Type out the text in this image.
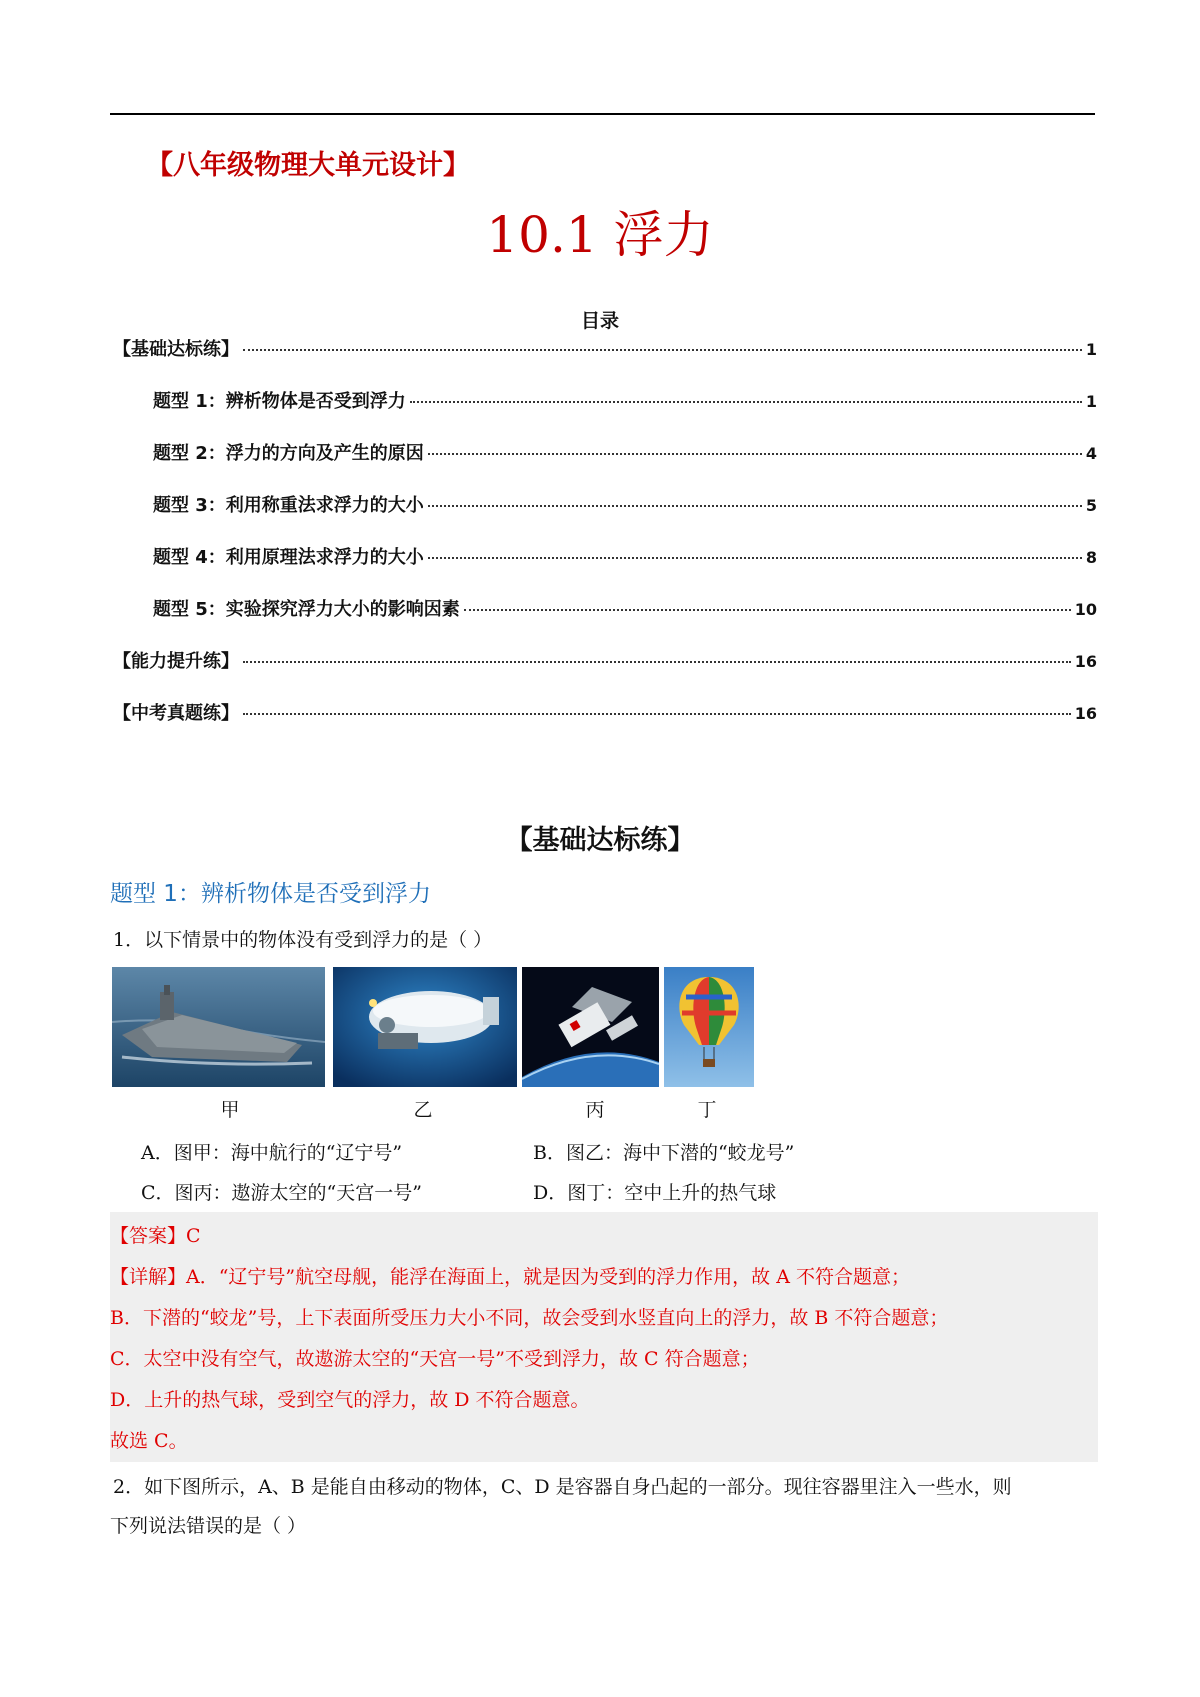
【八年级物理大单元设计】
10.1 浮力
目录
【基础达标练】	1
题型 1：辨析物体是否受到浮力	1
题型 2：浮力的方向及产生的原因	4
题型 3：利用称重法求浮力的大小	5
题型 4：利用原理法求浮力的大小	8
题型 5：实验探究浮力大小的影响因素	10
【能力提升练】	16
【中考真题练】	16
【基础达标练】
题型 1：辨析物体是否受到浮力
1．以下情景中的物体没有受到浮力的是（ ）
甲	乙	丙	丁
A．图甲：海中航行的“辽宁号”	B．图乙：海中下潜的“蛟龙号”
C．图丙：遨游太空的“天宫一号”	D．图丁：空中上升的热气球
【答案】C
【详解】A．“辽宁号”航空母舰，能浮在海面上，就是因为受到的浮力作用，故 A 不符合题意；
B．下潜的“蛟龙”号，上下表面所受压力大小不同，故会受到水竖直向上的浮力，故 B 不符合题意；
C．太空中没有空气，故遨游太空的“天宫一号”不受到浮力，故 C 符合题意；
D．上升的热气球，受到空气的浮力，故 D 不符合题意。
故选 C。
2．如下图所示，A、B 是能自由移动的物体，C、D 是容器自身凸起的一部分。现往容器里注入一些水，则
下列说法错误的是（ ）
